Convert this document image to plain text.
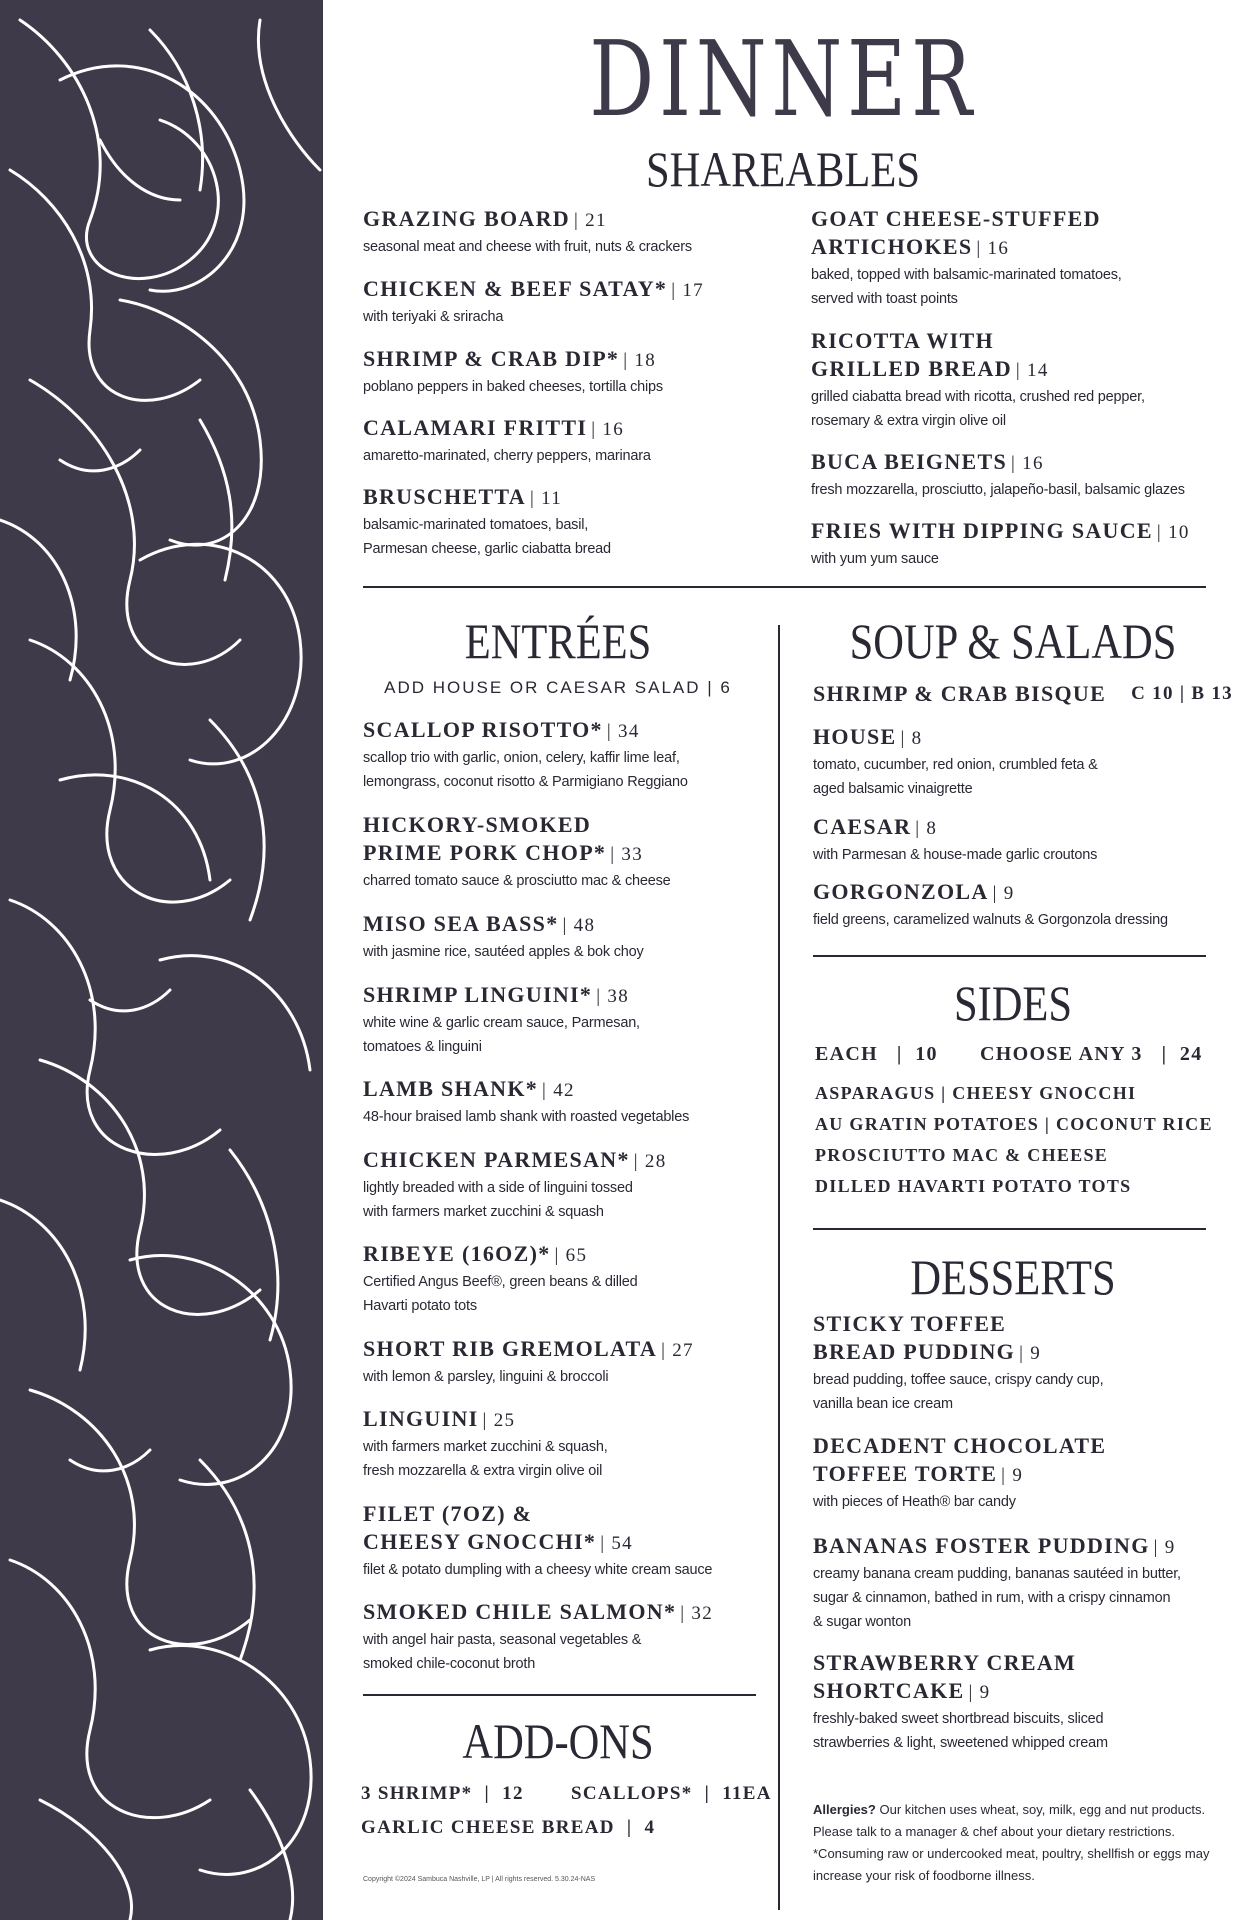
DINNER
SHAREABLES
GRAZING BOARD | 21
seasonal meat and cheese with fruit, nuts & crackers
CHICKEN & BEEF SATAY* | 17
with teriyaki & sriracha
SHRIMP & CRAB DIP* | 18
poblano peppers in baked cheeses, tortilla chips
CALAMARI FRITTI | 16
amaretto-marinated, cherry peppers, marinara
BRUSCHETTA | 11
balsamic-marinated tomatoes, basil,
Parmesan cheese, garlic ciabatta bread
GOAT CHEESE-STUFFED
ARTICHOKES | 16
baked, topped with balsamic-marinated tomatoes,
served with toast points
RICOTTA WITH
GRILLED BREAD | 14
grilled ciabatta bread with ricotta, crushed red pepper,
rosemary & extra virgin olive oil
BUCA BEIGNETS | 16
fresh mozzarella, prosciutto, jalapeño-basil, balsamic glazes
FRIES WITH DIPPING SAUCE | 10
with yum yum sauce
ENTRÉES
ADD HOUSE OR CAESAR SALAD | 6
SCALLOP RISOTTO* | 34
scallop trio with garlic, onion, celery, kaffir lime leaf,
lemongrass, coconut risotto & Parmigiano Reggiano
HICKORY-SMOKED
PRIME PORK CHOP* | 33
charred tomato sauce & prosciutto mac & cheese
MISO SEA BASS* | 48
with jasmine rice, sautéed apples & bok choy
SHRIMP LINGUINI* | 38
white wine & garlic cream sauce, Parmesan,
tomatoes & linguini
LAMB SHANK* | 42
48-hour braised lamb shank with roasted vegetables
CHICKEN PARMESAN* | 28
lightly breaded with a side of linguini tossed
with farmers market zucchini & squash
RIBEYE (16OZ)* | 65
Certified Angus Beef®, green beans & dilled
Havarti potato tots
SHORT RIB GREMOLATA | 27
with lemon & parsley, linguini & broccoli
LINGUINI | 25
with farmers market zucchini & squash,
fresh mozzarella & extra virgin olive oil
FILET (7OZ) &
CHEESY GNOCCHI* | 54
filet & potato dumpling with a cheesy white cream sauce
SMOKED CHILE SALMON* | 32
with angel hair pasta, seasonal vegetables &
smoked chile-coconut broth
ADD-ONS
3 SHRIMP*  |  12 SCALLOPS*  |  11EA
GARLIC CHEESE BREAD  |  4
Copyright ©2024 Sambuca Nashville, LP | All rights reserved. 5.30.24-NAS
SOUP & SALADS
SHRIMP & CRAB BISQUE C 10 | B 13
HOUSE | 8
tomato, cucumber, red onion, crumbled feta &
aged balsamic vinaigrette
CAESAR | 8
with Parmesan & house-made garlic croutons
GORGONZOLA | 9
field greens, caramelized walnuts & Gorgonzola dressing
SIDES
EACH   |  10 CHOOSE ANY 3   |  24
ASPARAGUS | CHEESY GNOCCHI
AU GRATIN POTATOES | COCONUT RICE
PROSCIUTTO MAC & CHEESE
DILLED HAVARTI POTATO TOTS
DESSERTS
STICKY TOFFEE
BREAD PUDDING | 9
bread pudding, toffee sauce, crispy candy cup,
vanilla bean ice cream
DECADENT CHOCOLATE
TOFFEE TORTE | 9
with pieces of Heath® bar candy
BANANAS FOSTER PUDDING | 9
creamy banana cream pudding, bananas sautéed in butter,
sugar & cinnamon, bathed in rum, with a crispy cinnamon
& sugar wonton
STRAWBERRY CREAM
SHORTCAKE | 9
freshly-baked sweet shortbread biscuits, sliced
strawberries & light, sweetened whipped cream
Allergies? Our kitchen uses wheat, soy, milk, egg and nut products.
Please talk to a manager & chef about your dietary restrictions.
*Consuming raw or undercooked meat, poultry, shellfish or eggs may
increase your risk of foodborne illness.
